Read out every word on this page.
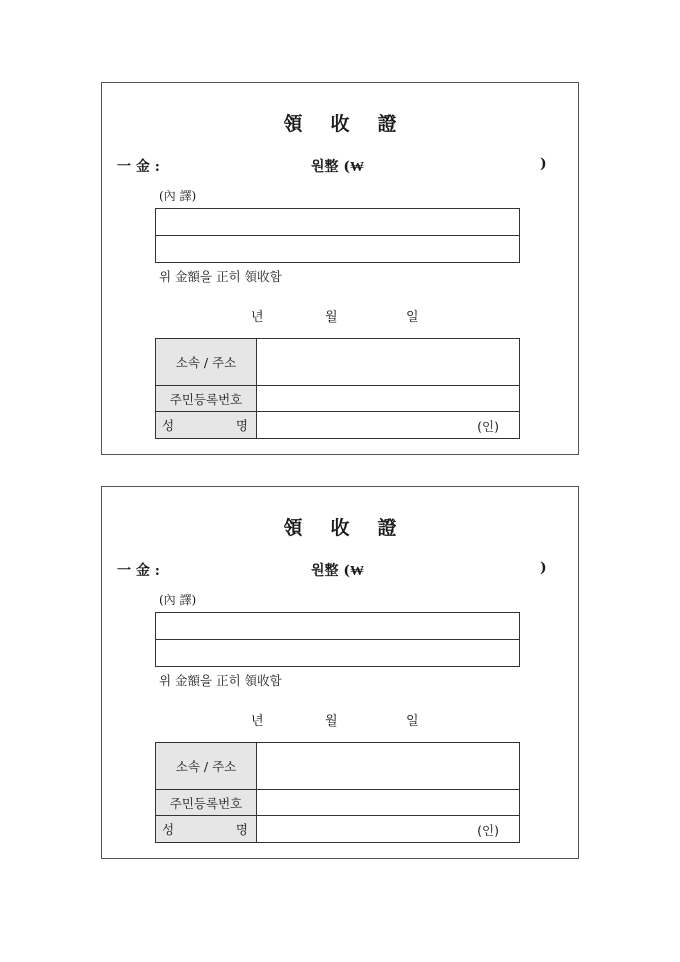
領 收 證
一 金 :	원整 (₩	)
(內 譯)
위 金額을 正히 領收함
년	월	일
소속 / 주소
주민등록번호
성	명	(인)
領 收 證
一 金 :	원整 (₩	)
(內 譯)
위 金額을 正히 領收함
년	월	일
소속 / 주소
주민등록번호
성	명	(인)
